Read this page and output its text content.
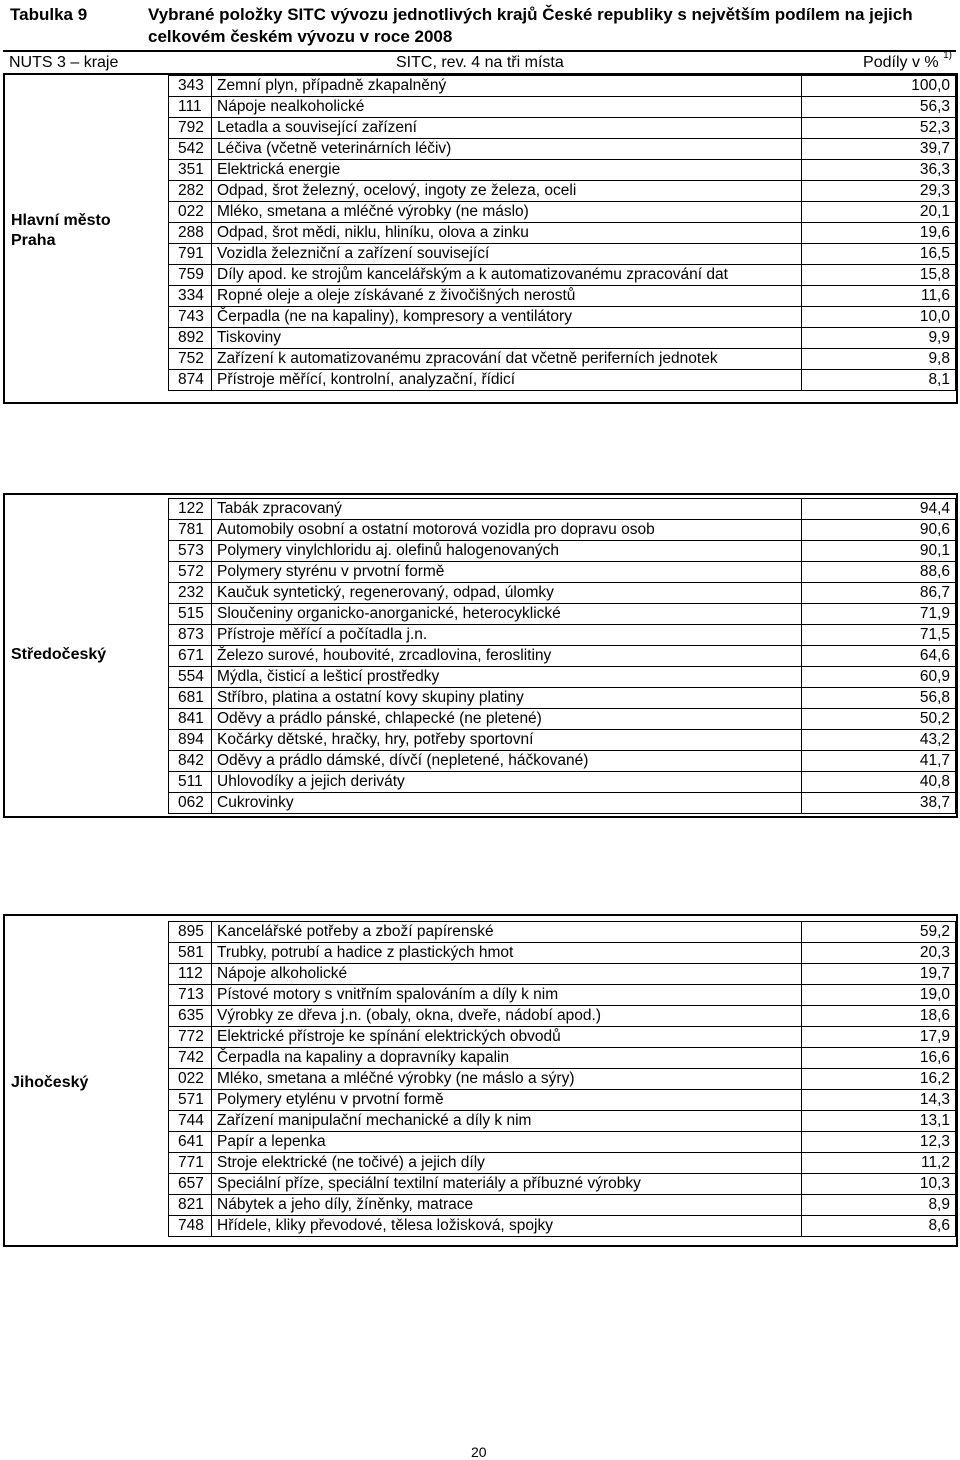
Tabulka 9	Vybrané položky SITC vývozu jednotlivých krajů České republiky s největším podílem na jejich celkovém českém vývozu v roce 2008
NUTS 3 – kraje	SITC, rev. 4 na tři místa	Podíly v % $^{1)}$
Hlavní město Praha
343	Zemní plyn, případně zkapalněný	100,0
111	Nápoje nealkoholické	56,3
792	Letadla a související zařízení	52,3
542	Léčiva (včetně veterinárních léčiv)	39,7
351	Elektrická energie	36,3
282	Odpad, šrot železný, ocelový, ingoty ze železa, oceli	29,3
022	Mléko, smetana a mléčné výrobky (ne máslo)	20,1
288	Odpad, šrot mědi, niklu, hliníku, olova a zinku	19,6
791	Vozidla železniční a zařízení související	16,5
759	Díly apod. ke strojům kancelářským a k automatizovanému zpracování dat	15,8
334	Ropné oleje a oleje získávané z živočišných nerostů	11,6
743	Čerpadla (ne na kapaliny), kompresory a ventilátory	10,0
892	Tiskoviny	9,9
752	Zařízení k automatizovanému zpracování dat včetně periferních jednotek	9,8
874	Přístroje měřící, kontrolní, analyzační, řídicí	8,1
Středočeský
122	Tabák zpracovaný	94,4
781	Automobily osobní a ostatní motorová vozidla pro dopravu osob	90,6
573	Polymery vinylchloridu aj. olefinů halogenovaných	90,1
572	Polymery styrénu v prvotní formě	88,6
232	Kaučuk syntetický, regenerovaný, odpad, úlomky	86,7
515	Sloučeniny organicko-anorganické, heterocyklické	71,9
873	Přístroje měřící a počítadla j.n.	71,5
671	Železo surové, houbovité, zrcadlovina, feroslitiny	64,6
554	Mýdla, čisticí a lešticí prostředky	60,9
681	Stříbro, platina a ostatní kovy skupiny platiny	56,8
841	Oděvy a prádlo pánské, chlapecké (ne pletené)	50,2
894	Kočárky dětské, hračky, hry, potřeby sportovní	43,2
842	Oděvy a prádlo dámské, dívčí (nepletené, háčkované)	41,7
511	Uhlovodíky a jejich deriváty	40,8
062	Cukrovinky	38,7
Jihočeský
895	Kancelářské potřeby a zboží papírenské	59,2
581	Trubky, potrubí a hadice z plastických hmot	20,3
112	Nápoje alkoholické	19,7
713	Pístové motory s vnitřním spalováním a díly k nim	19,0
635	Výrobky ze dřeva j.n. (obaly, okna, dveře, nádobí apod.)	18,6
772	Elektrické přístroje ke spínání elektrických obvodů	17,9
742	Čerpadla na kapaliny a dopravníky kapalin	16,6
022	Mléko, smetana a mléčné výrobky (ne máslo a sýry)	16,2
571	Polymery etylénu v prvotní formě	14,3
744	Zařízení manipulační mechanické a díly k nim	13,1
641	Papír a lepenka	12,3
771	Stroje elektrické (ne točivé) a jejich díly	11,2
657	Speciální příze, speciální textilní materiály a příbuzné výrobky	10,3
821	Nábytek a jeho díly, žíněnky, matrace	8,9
748	Hřídele, kliky převodové, tělesa ložisková, spojky	8,6
20
